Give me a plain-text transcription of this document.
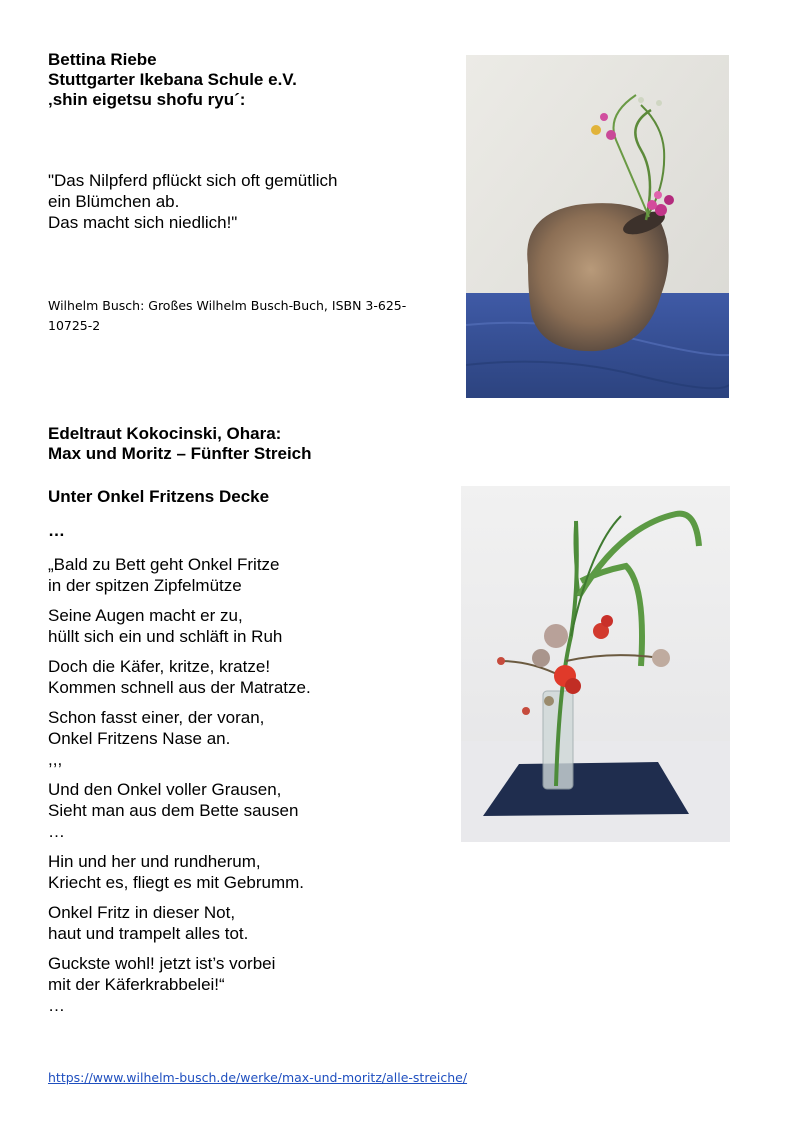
Bettina Riebe
Stuttgarter Ikebana Schule e.V.
‚shin eigetsu shofu ryu´:
"Das Nilpferd pflückt sich oft gemütlich
ein Blümchen ab.
Das macht sich niedlich!"
Wilhelm Busch: Großes Wilhelm Busch-Buch, ISBN 3-625-10725-2
Edeltraut Kokocinski, Ohara:
Max und Moritz – Fünfter Streich
Unter Onkel Fritzens Decke
…
„Bald zu Bett geht Onkel Fritze
in der spitzen Zipfelmütze
Seine Augen macht er zu,
hüllt sich ein und schläft in Ruh
Doch die Käfer, kritze, kratze!
Kommen schnell aus der Matratze.
Schon fasst einer, der voran,
Onkel Fritzens Nase an.
,,,
Und den Onkel voller Grausen,
Sieht man aus dem Bette sausen
…
Hin und her und rundherum,
Kriecht es, fliegt es mit Gebrumm.
Onkel Fritz in dieser Not,
haut und trampelt alles tot.
Guckste wohl! jetzt ist’s vorbei
mit der Käferkrabbelei!“
…
https://www.wilhelm-busch.de/werke/max-und-moritz/alle-streiche/
